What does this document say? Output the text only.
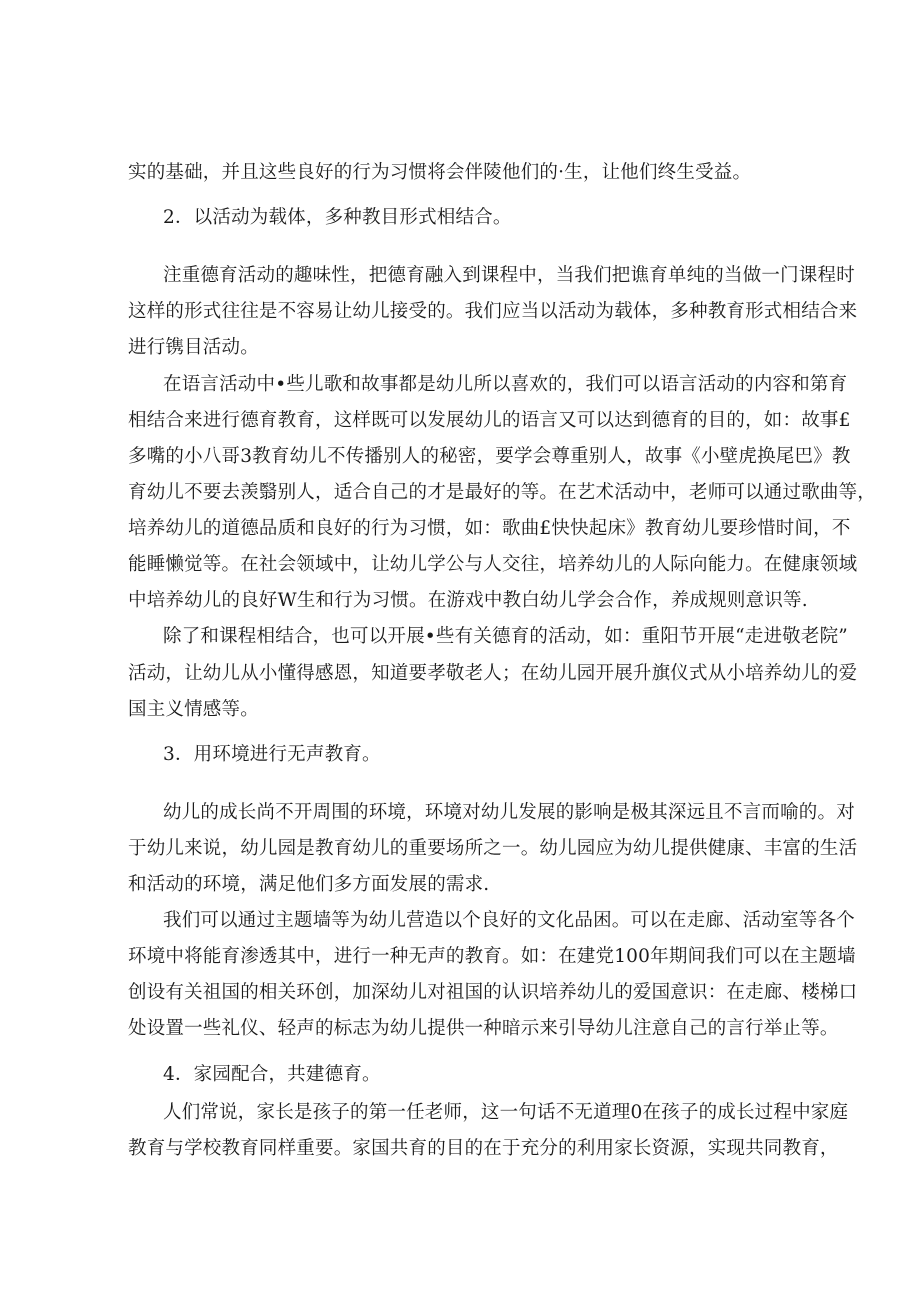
实的基础，并且这些良好的行为习惯将会伴陵他们的·生，让他们终生受益。
2．以活动为载体，多种教目形式相结合。
注重德育活动的趣味性，把德育融入到课程中，当我们把谯育单纯的当做一门课程时
这样的形式往往是不容易让幼儿接受的。我们应当以活动为载体，多种教育形式相结合来
进行镌目活动。
在语言活动中•些儿歌和故事都是幼儿所以喜欢的，我们可以语言活动的内容和第育
相结合来进行德育教育，这样既可以发展幼儿的语言又可以达到德育的目的，如：故事£
多嘴的小八哥3教育幼儿不传播别人的秘密，要学会尊重别人，故事《小壁虎换尾巴》教
育幼儿不要去羡翳别人，适合自己的才是最好的等。在艺术活动中，老师可以通过歌曲等，
培养幼儿的道德品质和良好的行为习惯，如：歌曲£快快起床》教育幼儿要珍惜时间，不
能睡懒觉等。在社会领域中，让幼儿学公与人交往，培养幼儿的人际向能力。在健康领域
中培养幼儿的良好W生和行为习惯。在游戏中教白幼儿学会合作，养成规则意识等.
除了和课程相结合，也可以开展•些有关德育的活动，如：重阳节开展“走进敬老院”
活动，让幼儿从小懂得感恩，知道要孝敬老人；在幼儿园开展升旗仪式从小培养幼儿的爱
国主义情感等。
3．用环境进行无声教育。
幼儿的成长尚不开周围的环境，环境对幼儿发展的影响是极其深远且不言而喻的。对
于幼儿来说，幼儿园是教育幼儿的重要场所之一。幼儿园应为幼儿提供健康、丰富的生活
和活动的环境，满足他们多方面发展的需求.
我们可以通过主题墙等为幼儿营造以个良好的文化品困。可以在走廊、活动室等各个
环境中将能育渗透其中，进行一种无声的教育。如：在建党100年期间我们可以在主题墙
创设有关祖国的相关环创，加深幼儿对祖国的认识培养幼儿的爱国意识：在走廊、楼梯口
处设置一些礼仪、轻声的标志为幼儿提供一种暗示来引导幼儿注意自己的言行举止等。
4．家园配合，共建德育。
人们常说，家长是孩子的第一任老师，这一句话不无道理0在孩子的成长过程中家庭
教育与学校教育同样重要。家国共育的目的在于充分的利用家长资源，实现共同教育，
